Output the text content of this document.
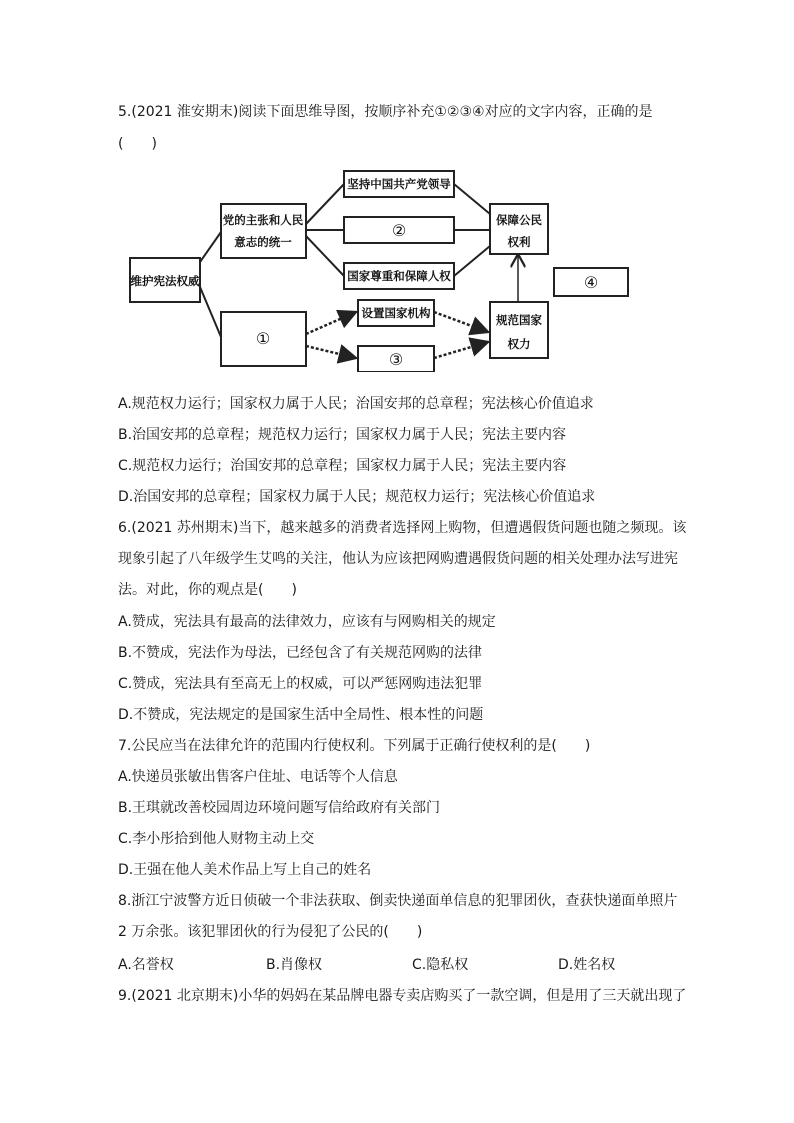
5.(2021 淮安期末)阅读下面思维导图，按顺序补充①②③④对应的文字内容，正确的是
(　　)
维护宪法权威
党的主张和人民
意志的统一
①
坚持中国共产党领导
②
国家尊重和保障人权
设置国家机构
③
保障公民
权利
规范国家
权力
④
A.规范权力运行；国家权力属于人民；治国安邦的总章程；宪法核心价值追求
B.治国安邦的总章程；规范权力运行；国家权力属于人民；宪法主要内容
C.规范权力运行；治国安邦的总章程；国家权力属于人民；宪法主要内容
D.治国安邦的总章程；国家权力属于人民；规范权力运行；宪法核心价值追求
6.(2021 苏州期末)当下，越来越多的消费者选择网上购物，但遭遇假货问题也随之频现。该
现象引起了八年级学生艾鸣的关注，他认为应该把网购遭遇假货问题的相关处理办法写进宪
法。对此，你的观点是(　　)
A.赞成，宪法具有最高的法律效力，应该有与网购相关的规定
B.不赞成，宪法作为母法，已经包含了有关规范网购的法律
C.赞成，宪法具有至高无上的权威，可以严惩网购违法犯罪
D.不赞成，宪法规定的是国家生活中全局性、根本性的问题
7.公民应当在法律允许的范围内行使权利。下列属于正确行使权利的是(　　)
A.快递员张敏出售客户住址、电话等个人信息
B.王琪就改善校园周边环境问题写信给政府有关部门
C.李小彤拾到他人财物主动上交
D.王强在他人美术作品上写上自己的姓名
8.浙江宁波警方近日侦破一个非法获取、倒卖快递面单信息的犯罪团伙，查获快递面单照片
2 万余张。该犯罪团伙的行为侵犯了公民的(　　)
A.名誉权	B.肖像权	C.隐私权	D.姓名权
9.(2021 北京期末)小华的妈妈在某品牌电器专卖店购买了一款空调，但是用了三天就出现了
